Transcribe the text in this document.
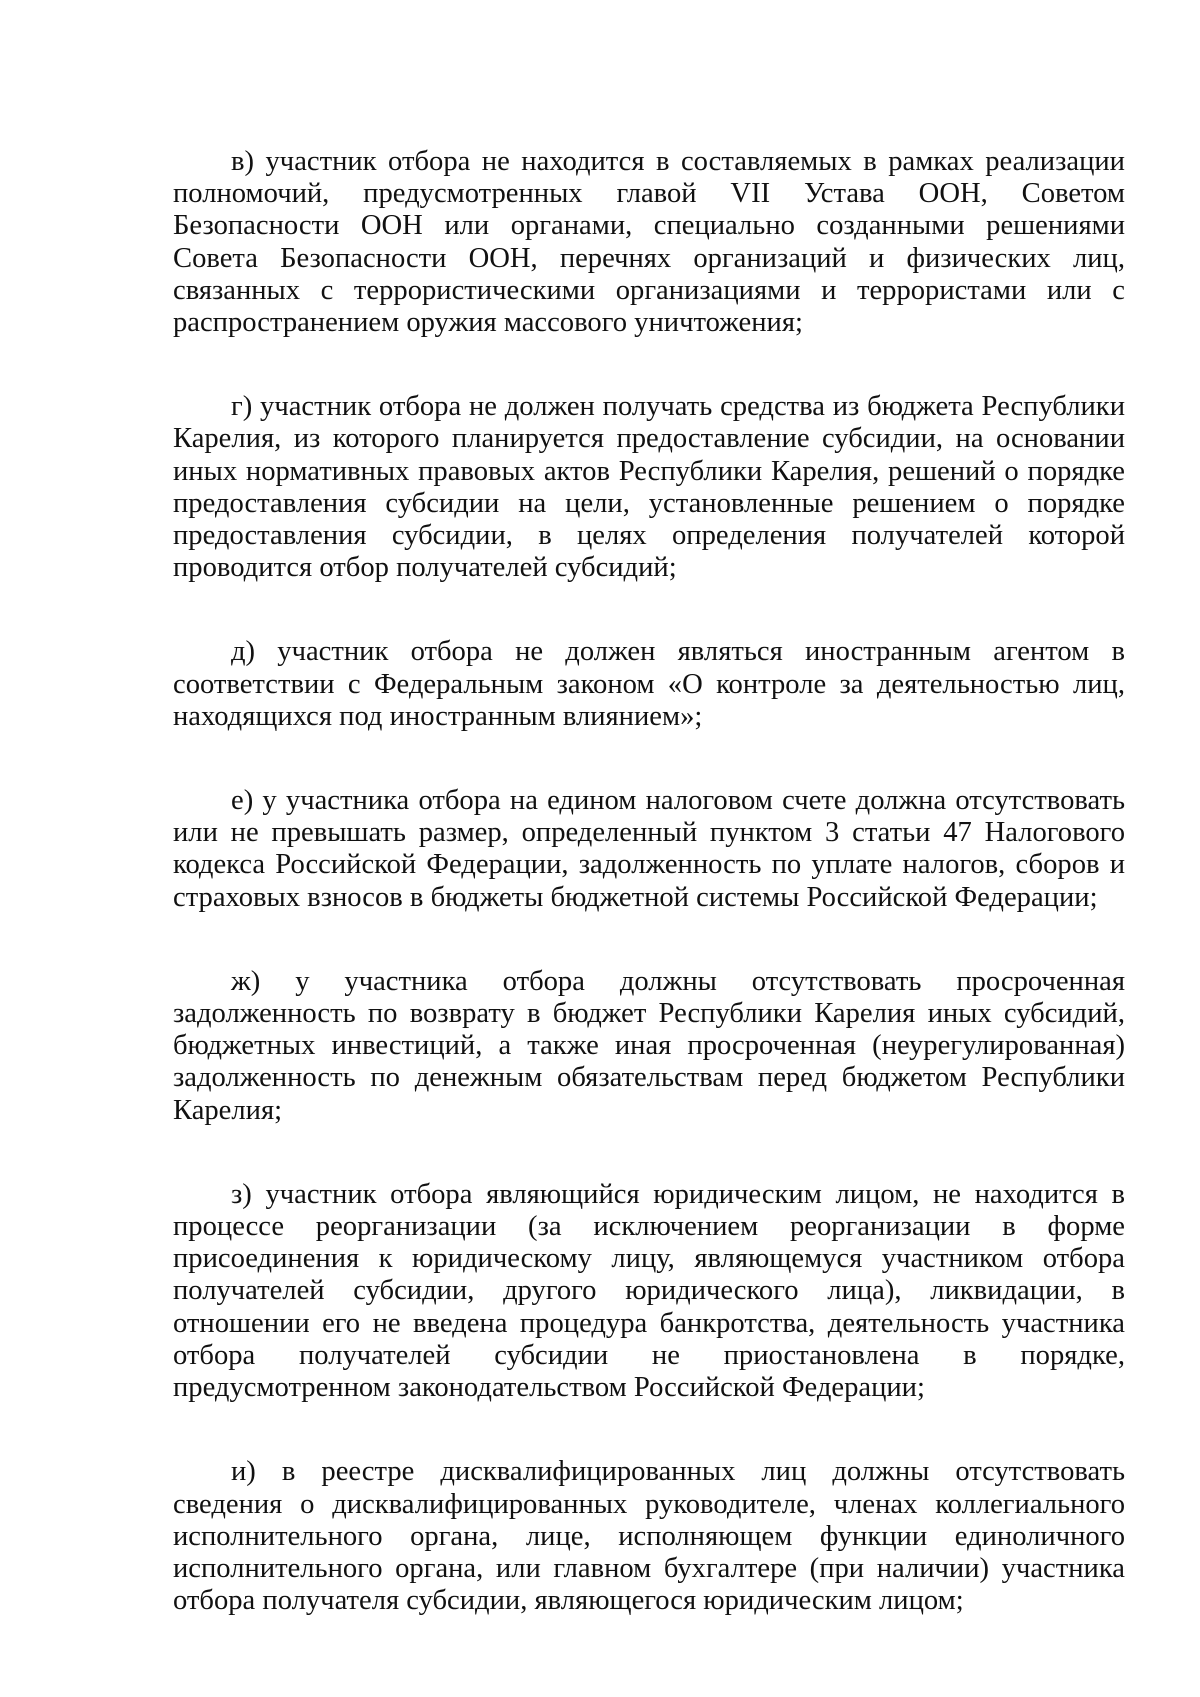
в) участник отбора не находится в составляемых в рамках реализации полномочий, предусмотренных главой VII Устава ООН, Советом Безопасности ООН или органами, специально созданными решениями Совета Безопасности ООН, перечнях организаций и физических лиц, связанных с террористическими организациями и террористами или с распространением оружия массового уничтожения;

г) участник отбора не должен получать средства из бюджета Республики Карелия, из которого планируется предоставление субсидии, на основании иных нормативных правовых актов Республики Карелия, решений о порядке предоставления субсидии на цели, установленные решением о порядке предоставления субсидии, в целях определения получателей которой проводится отбор получателей субсидий;

д) участник отбора не должен являться иностранным агентом в соответствии с Федеральным законом «О контроле за деятельностью лиц, находящихся под иностранным влиянием»;

е) у участника отбора на едином налоговом счете должна отсутствовать или не превышать размер, определенный пунктом 3 статьи 47 Налогового кодекса Российской Федерации, задолженность по уплате налогов, сборов и страховых взносов в бюджеты бюджетной системы Российской Федерации;

ж) у участника отбора должны отсутствовать просроченная задолженность по возврату в бюджет Республики Карелия иных субсидий, бюджетных инвестиций, а также иная просроченная (неурегулированная) задолженность по денежным обязательствам перед бюджетом Республики Карелия;

з) участник отбора являющийся юридическим лицом, не находится в процессе реорганизации (за исключением реорганизации в форме присоединения к юридическому лицу, являющемуся участником отбора получателей субсидии, другого юридического лица), ликвидации, в отношении его не введена процедура банкротства, деятельность участника отбора получателей субсидии не приостановлена в порядке, предусмотренном законодательством Российской Федерации;

и) в реестре дисквалифицированных лиц должны отсутствовать сведения о дисквалифицированных руководителе, членах коллегиального исполнительного органа, лице, исполняющем функции единоличного исполнительного органа, или главном бухгалтере (при наличии) участника отбора получателя субсидии, являющегося юридическим лицом;
